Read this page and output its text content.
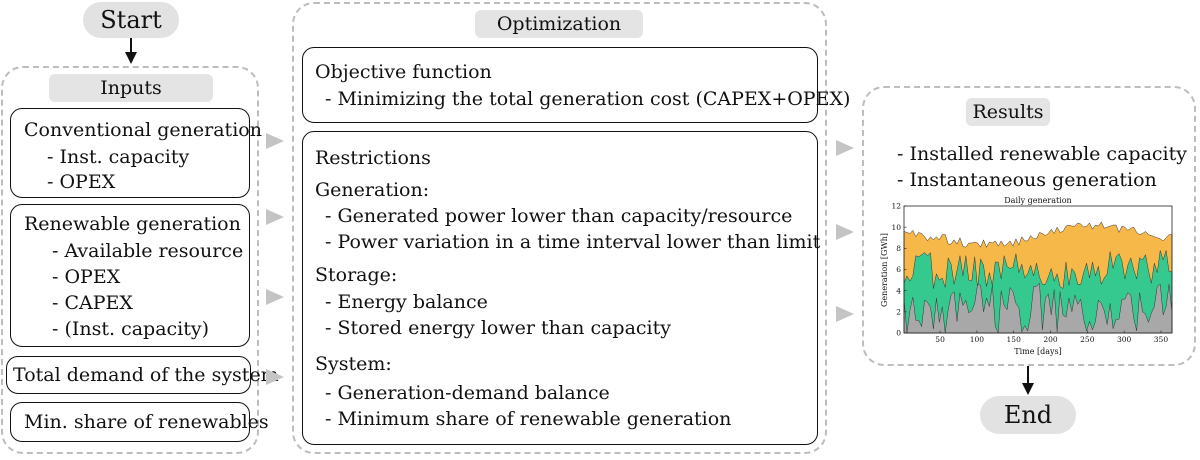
Start
Inputs
Conventional generation
- Inst. capacity
- OPEX
Renewable generation
- Available resource
- OPEX
- CAPEX
- (Inst. capacity)
Total demand of the system
Min. share of renewables
Optimization
Objective function
- Minimizing the total generation cost (CAPEX+OPEX)
Restrictions
Generation:
- Generated power lower than capacity/resource
- Power variation in a time interval lower than limit
Storage:
- Energy balance
- Stored energy lower than capacity
System:
- Generation-demand balance
- Minimum share of renewable generation
Results
- Installed renewable capacity
- Instantaneous generation
50	100	150	200	250	300	350
0
2
4
6
8
10
12
Daily generation
Time [days]
Generation [GWh]
End
